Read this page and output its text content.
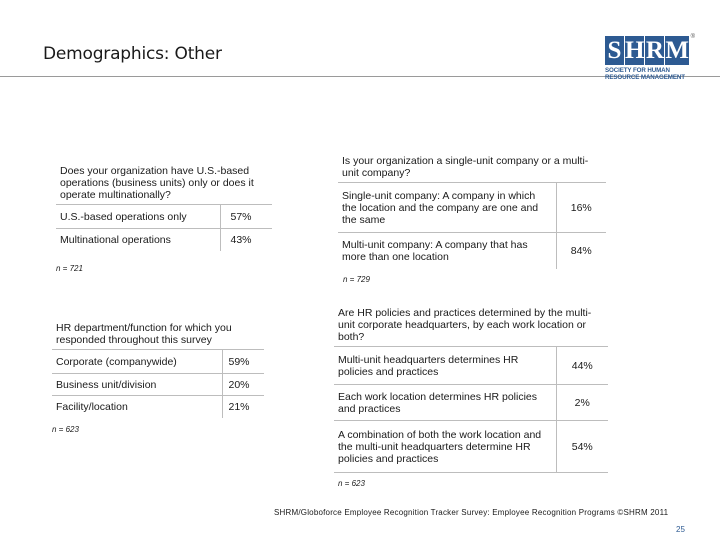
Demographics: Other	S H R M ®
SOCIETY FOR HUMAN
RESOURCE MANAGEMENT
Does your organization have U.S.-based operations (business units) only or does it operate multinationally?	
U.S.-based operations only	57%
Multinational operations	43%
n = 721
HR department/function for which you responded throughout this survey	
Corporate (companywide)	59%
Business unit/division	20%
Facility/location	21%
n = 623
Is your organization a single-unit company or a multi-unit company?	
Single-unit company: A company in which the location and the company are one and the same	16%
Multi-unit company: A company that has more than one location	84%
n = 729
Are HR policies and practices determined by the multi-unit corporate headquarters, by each work location or both?	
Multi-unit headquarters determines HR policies and practices	44%
Each work location determines HR policies and practices	2%
A combination of both the work location and the multi-unit headquarters determine HR policies and practices	54%
n = 623
SHRM/Globoforce Employee Recognition Tracker Survey: Employee Recognition Programs ©SHRM 2011
25
